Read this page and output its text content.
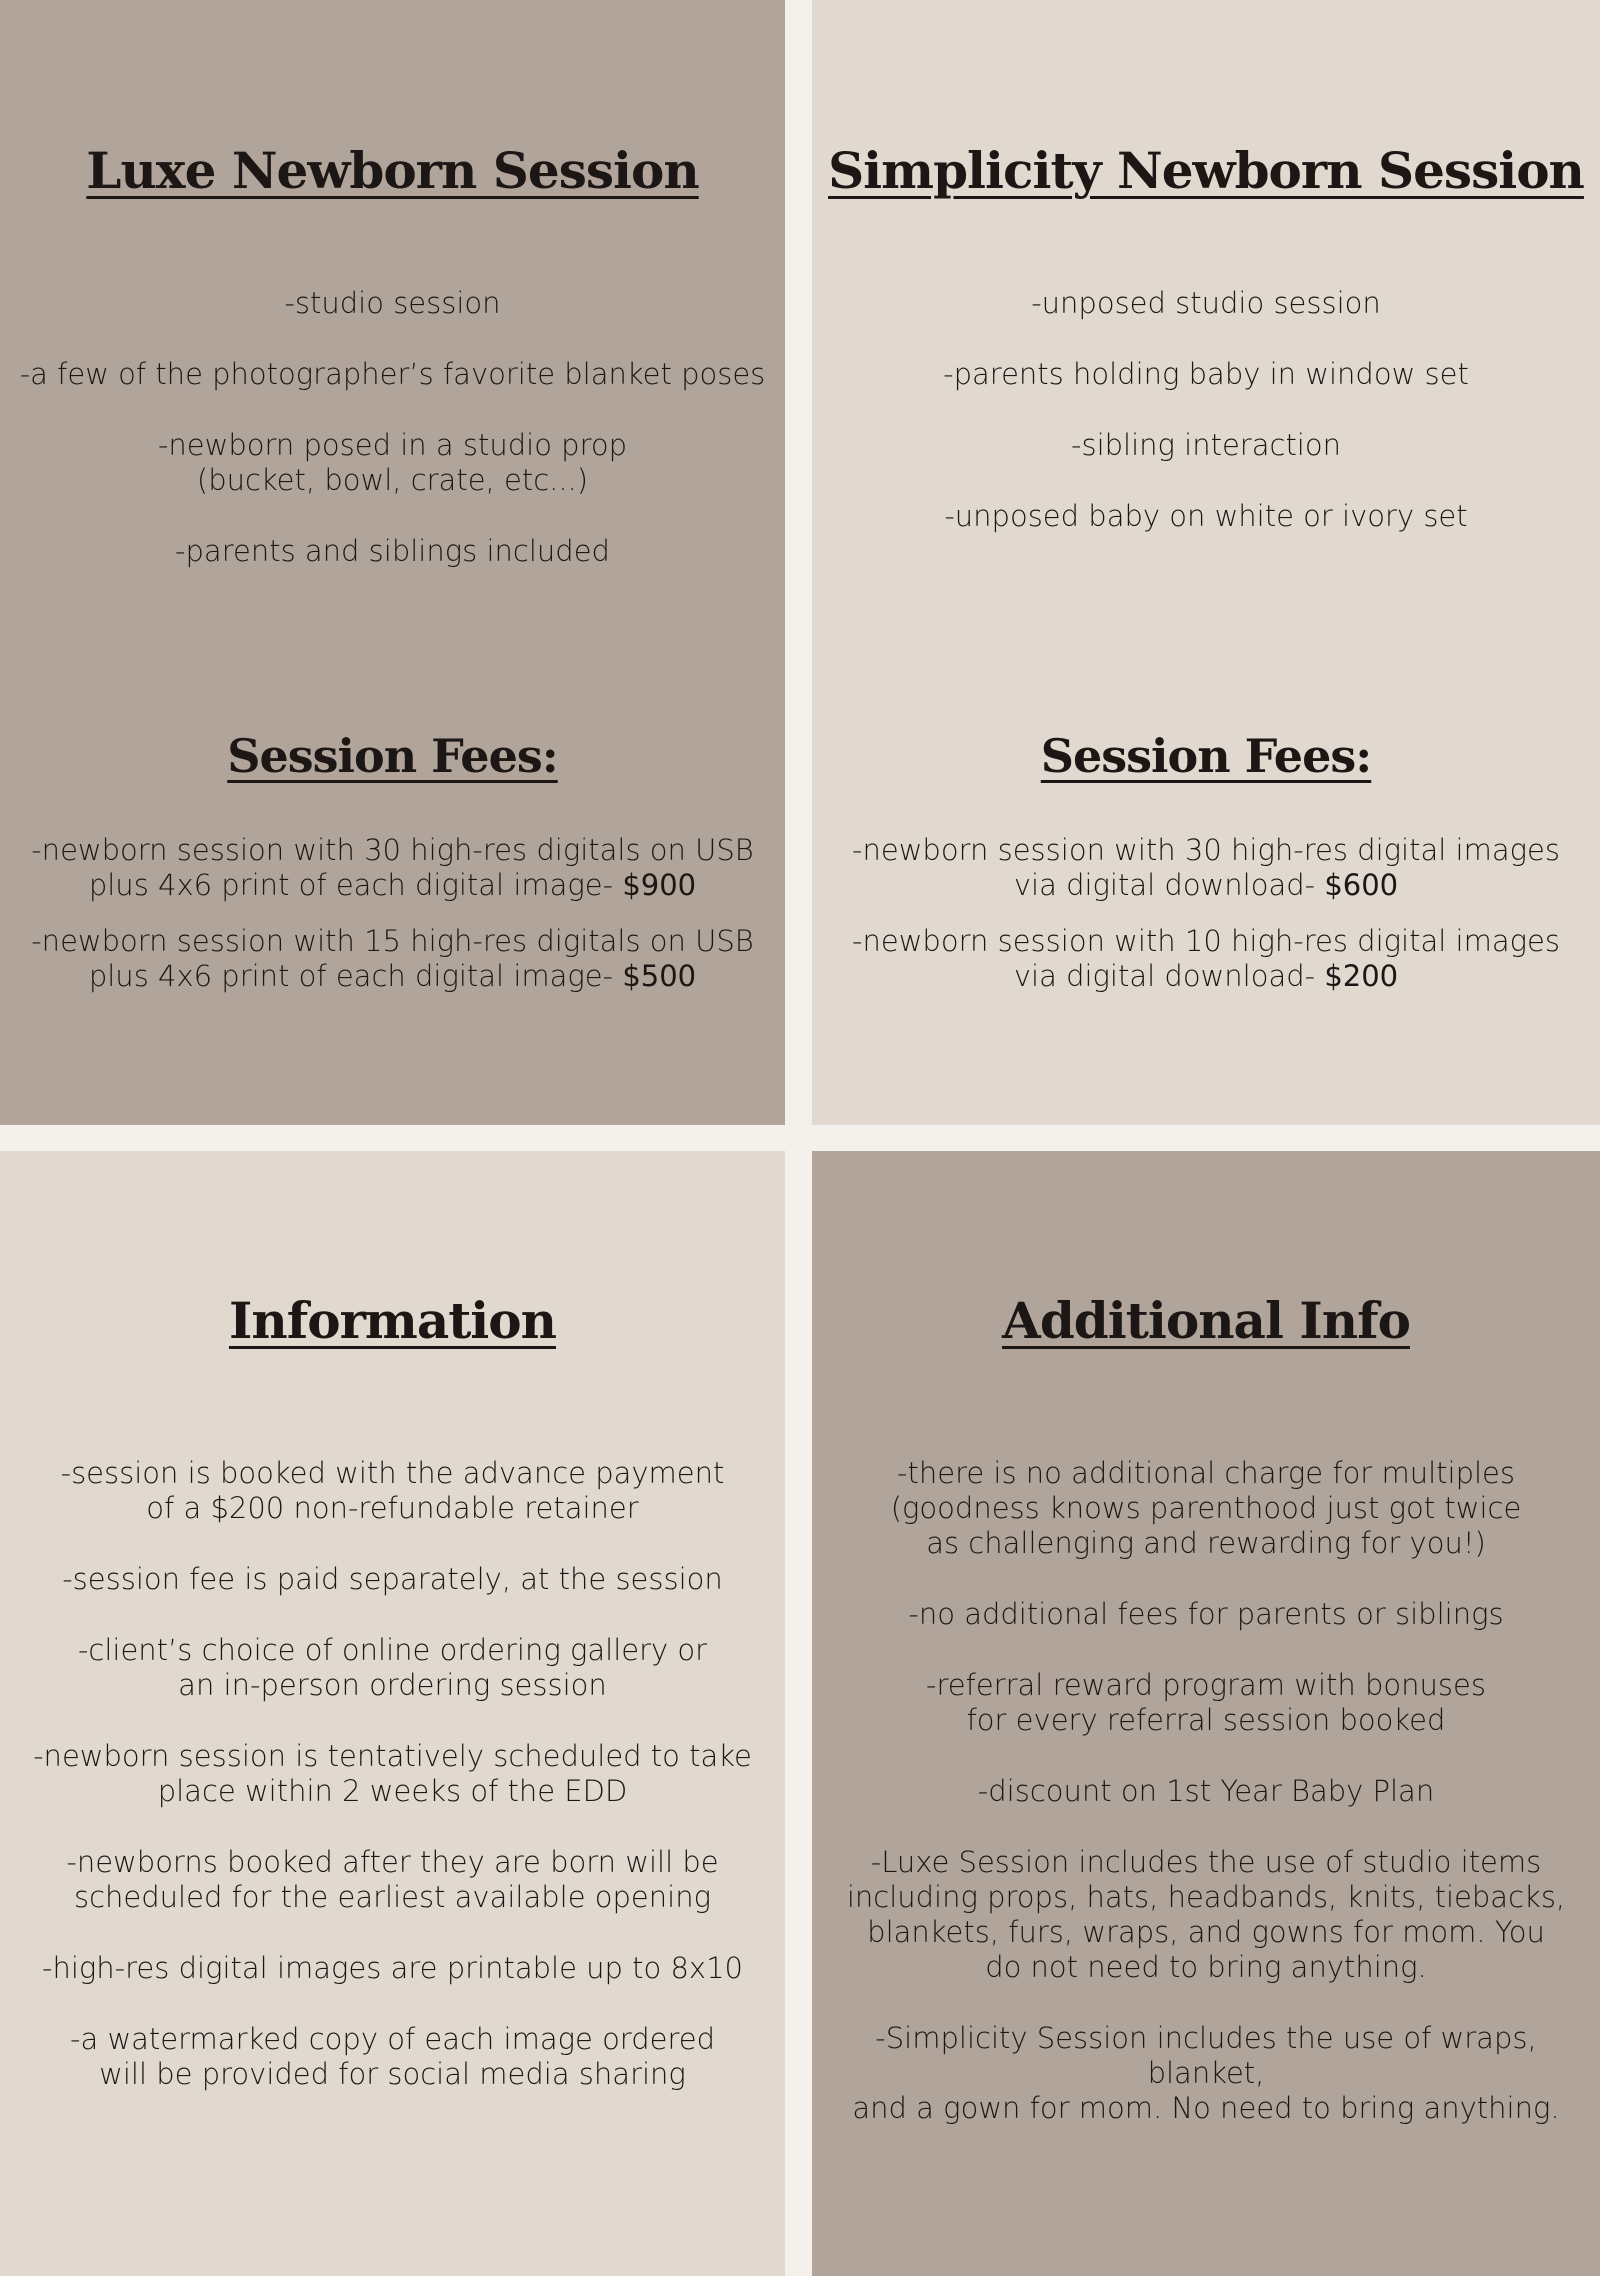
Luxe Newborn Session
-studio session
-a few of the photographer’s favorite blanket poses
-newborn posed in a studio prop
(bucket, bowl, crate, etc...)
-parents and siblings included
Session Fees:
-newborn session with 30 high-res digitals on USB
plus 4x6 print of each digital image- $900
-newborn session with 15 high-res digitals on USB
plus 4x6 print of each digital image- $500
Simplicity Newborn Session
-unposed studio session
-parents holding baby in window set
-sibling interaction
-unposed baby on white or ivory set
Session Fees:
-newborn session with 30 high-res digital images
via digital download- $600
-newborn session with 10 high-res digital images
via digital download- $200
Information
-session is booked with the advance payment
of a $200 non-refundable retainer
-session fee is paid separately, at the session
-client’s choice of online ordering gallery or
an in-person ordering session
-newborn session is tentatively scheduled to take
place within 2 weeks of the EDD
-newborns booked after they are born will be
scheduled for the earliest available opening
-high-res digital images are printable up to 8x10
-a watermarked copy of each image ordered
will be provided for social media sharing
Additional Info
-there is no additional charge for multiples
(goodness knows parenthood just got twice
as challenging and rewarding for you!)
-no additional fees for parents or siblings
-referral reward program with bonuses
for every referral session booked
-discount on 1st Year Baby Plan
-Luxe Session includes the use of studio items
including props, hats, headbands, knits, tiebacks,
blankets, furs, wraps, and gowns for mom. You
do not need to bring anything.
-Simplicity Session includes the use of wraps, blanket,
and a gown for mom. No need to bring anything.
